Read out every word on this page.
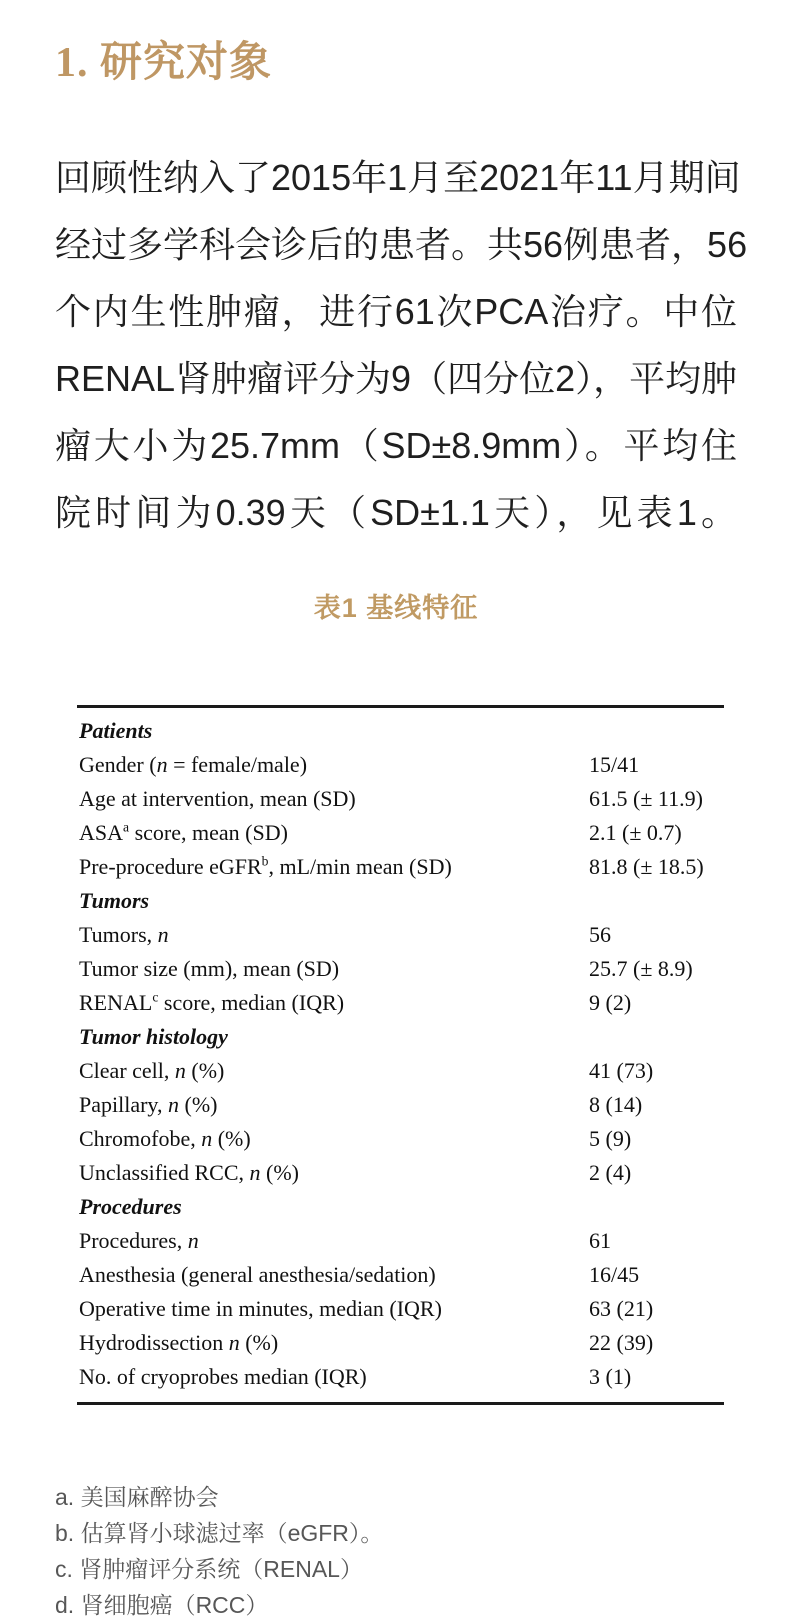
1. 研究对象
回顾性纳入了2015年1月至2021年11月期间
经过多学科会诊后的患者。共56例患者，56
个内生性肿瘤，进行61次PCA治疗。中位
RENAL肾肿瘤评分为9（四分位2），平均肿
瘤大小为25.7mm（SD±8.9mm）。平均住
院时间为0.39天（SD±1.1天），见表1。
表1 基线特征
Patients
Gender (n = female/male)	15/41
Age at intervention, mean (SD)	61.5 (± 11.9)
ASA$^a$ score, mean (SD)	2.1 (± 0.7)
Pre-procedure eGFR$^b$, mL/min mean (SD)	81.8 (± 18.5)
Tumors
Tumors, n	56
Tumor size (mm), mean (SD)	25.7 (± 8.9)
RENAL$^c$ score, median (IQR)	9 (2)
Tumor histology
Clear cell, n (%)	41 (73)
Papillary, n (%)	8 (14)
Chromofobe, n (%)	5 (9)
Unclassified RCC, n (%)	2 (4)
Procedures
Procedures, n	61
Anesthesia (general anesthesia/sedation)	16/45
Operative time in minutes, median (IQR)	63 (21)
Hydrodissection n (%)	22 (39)
No. of cryoprobes median (IQR)	3 (1)
a. 美国麻醉协会
b. 估算肾小球滤过率（eGFR）。
c. 肾肿瘤评分系统（RENAL）
d. 肾细胞癌（RCC）
